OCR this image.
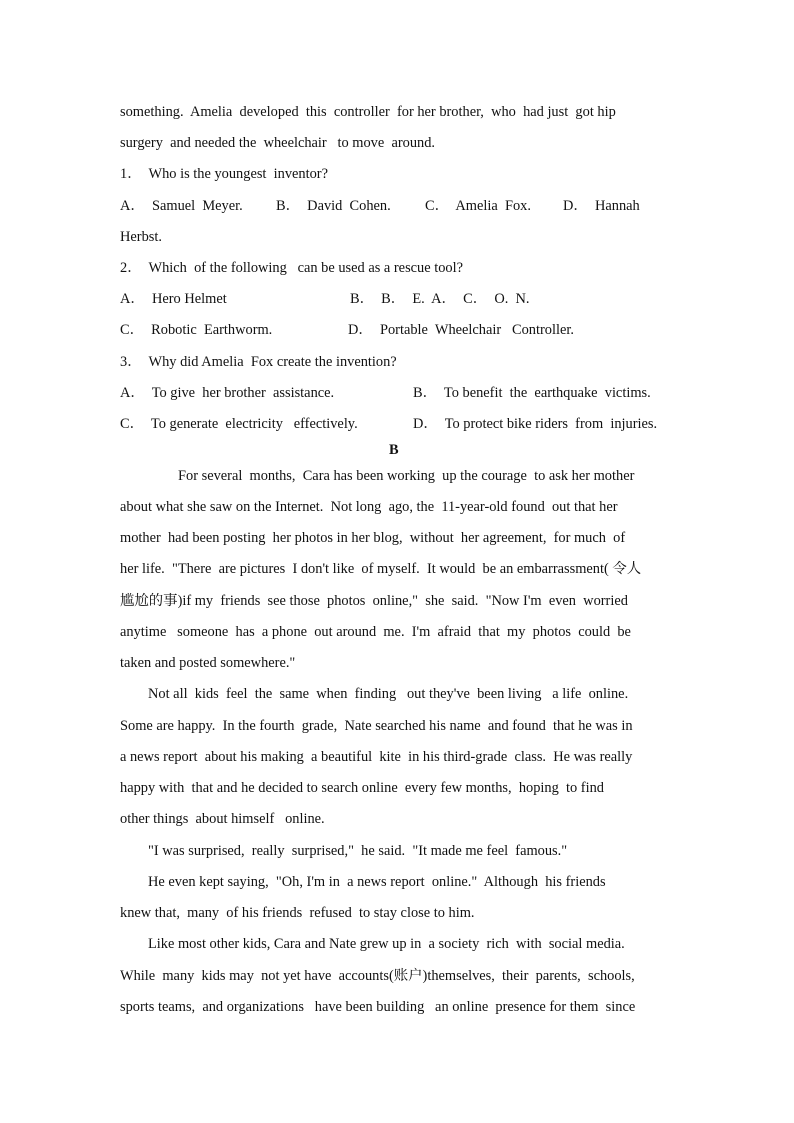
something.  Amelia  developed  this  controller  for her brother,  who  had just  got hip
surgery  and needed the  wheelchair   to move  around.
1．  Who is the youngest  inventor?
A．  Samuel  Meyer. B．  David  Cohen. C．  Amelia  Fox. D．  Hannah
Herbst.
2．  Which  of the following   can be used as a rescue tool?
A．  Hero Helmet	B．  B．  E.  A．  C．  O.  N.
C．  Robotic  Earthworm.	D．  Portable  Wheelchair   Controller.
3．  Why did Amelia  Fox create the invention?
A．  To give  her brother  assistance.	B．  To benefit  the  earthquake  victims.
C．  To generate  electricity   effectively.	D．  To protect bike riders  from  injuries.
B
For several  months,  Cara has been working  up the courage  to ask her mother
about what she saw on the Internet.  Not long  ago, the  11-year-old found  out that her
mother  had been posting  her photos in her blog,  without  her agreement,  for much  of
her life.  "There  are pictures  I don't like  of myself.  It would  be an embarrassment( 令人
尴尬的事)if my  friends  see those  photos  online,"  she  said.  "Now I'm  even  worried
anytime   someone  has  a phone  out around  me.  I'm  afraid  that  my  photos  could  be
taken and posted somewhere."
Not all  kids  feel  the  same  when  finding   out they've  been living   a life  online.
Some are happy.  In the fourth  grade,  Nate searched his name  and found  that he was in
a news report  about his making  a beautiful  kite  in his third-grade  class.  He was really
happy with  that and he decided to search online  every few months,  hoping  to find
other things  about himself   online.
"I was surprised,  really  surprised,"  he said.  "It made me feel  famous."
He even kept saying,  "Oh, I'm in  a news report  online."  Although  his friends
knew that,  many  of his friends  refused  to stay close to him.
Like most other kids, Cara and Nate grew up in  a society  rich  with  social media.
While  many  kids may  not yet have  accounts(账户)themselves,  their  parents,  schools,
sports teams,  and organizations   have been building   an online  presence for them  since
